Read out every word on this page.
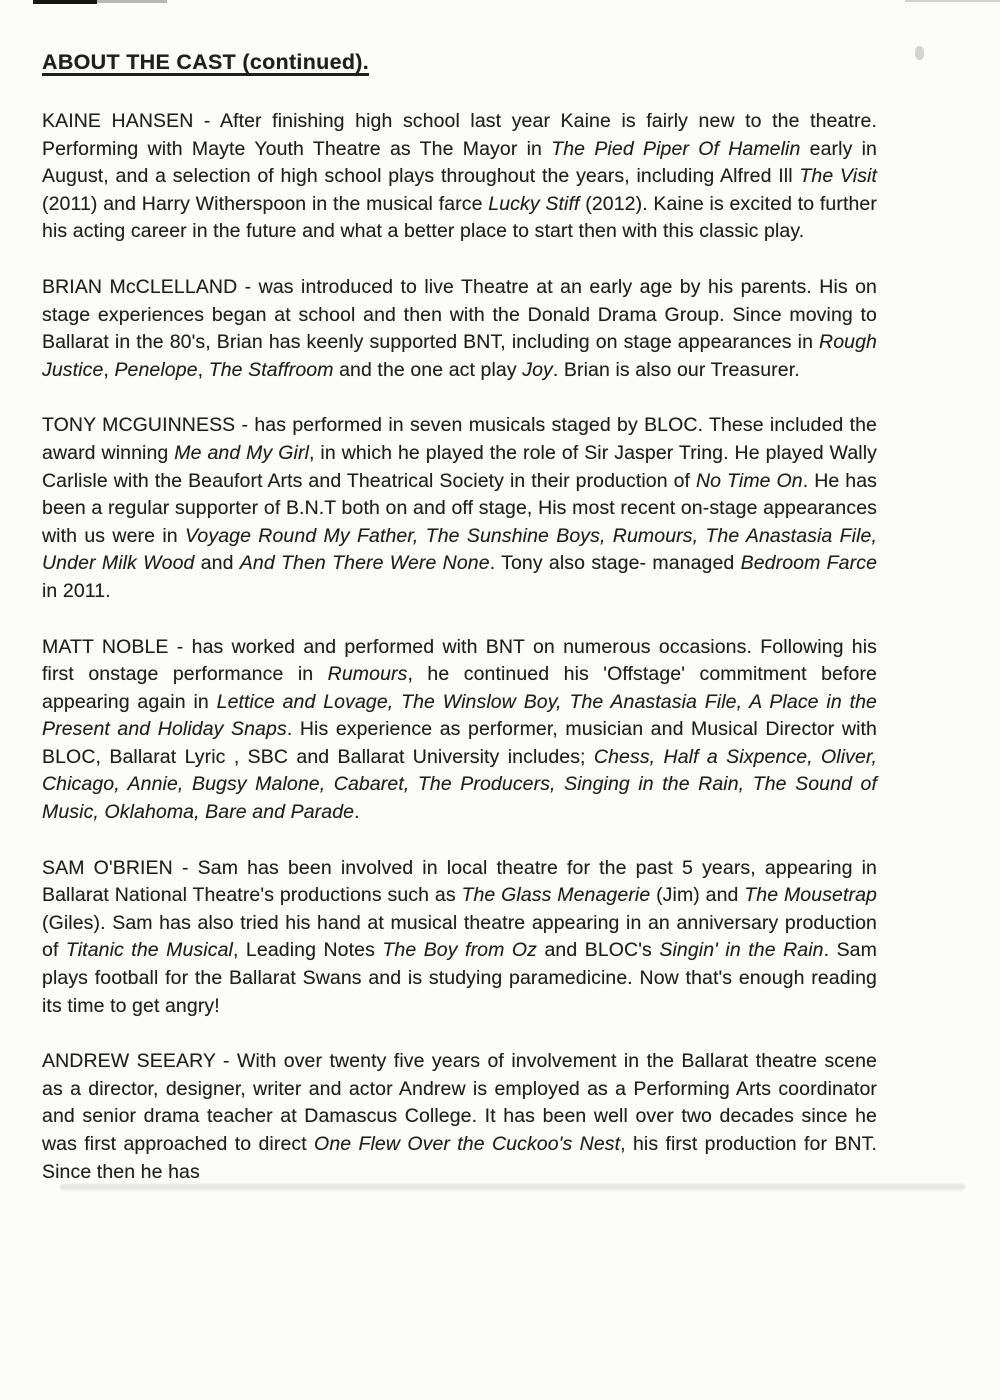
ABOUT THE CAST (continued).

KAINE HANSEN - After finishing high school last year Kaine is fairly new to the theatre. Performing with Mayte Youth Theatre as The Mayor in The Pied Piper Of Hamelin early in August, and a selection of high school plays throughout the years, including Alfred Ill The Visit (2011) and Harry Witherspoon in the musical farce Lucky Stiff (2012). Kaine is excited to further his acting career in the future and what a better place to start then with this classic play.

BRIAN McCLELLAND - was introduced to live Theatre at an early age by his parents. His on stage experiences began at school and then with the Donald Drama Group. Since moving to Ballarat in the 80's, Brian has keenly supported BNT, including on stage appearances in Rough Justice, Penelope, The Staffroom and the one act play Joy. Brian is also our Treasurer.

TONY MCGUINNESS - has performed in seven musicals staged by BLOC. These included the award winning Me and My Girl, in which he played the role of Sir Jasper Tring. He played Wally Carlisle with the Beaufort Arts and Theatrical Society in their production of No Time On. He has been a regular supporter of B.N.T both on and off stage, His most recent on-stage appearances with us were in Voyage Round My Father, The Sunshine Boys, Rumours, The Anastasia File, Under Milk Wood and And Then There Were None. Tony also stage- managed Bedroom Farce in 2011.

MATT NOBLE - has worked and performed with BNT on numerous occasions. Following his first onstage performance in Rumours, he continued his 'Offstage' commitment before appearing again in Lettice and Lovage, The Winslow Boy, The Anastasia File, A Place in the Present and Holiday Snaps. His experience as performer, musician and Musical Director with BLOC, Ballarat Lyric , SBC and Ballarat University includes; Chess, Half a Sixpence, Oliver, Chicago, Annie, Bugsy Malone, Cabaret, The Producers, Singing in the Rain, The Sound of Music, Oklahoma, Bare and Parade.

SAM O'BRIEN - Sam has been involved in local theatre for the past 5 years, appearing in Ballarat National Theatre's productions such as The Glass Menagerie (Jim) and The Mousetrap (Giles). Sam has also tried his hand at musical theatre appearing in an anniversary production of Titanic the Musical, Leading Notes The Boy from Oz and BLOC's Singin' in the Rain. Sam plays football for the Ballarat Swans and is studying paramedicine. Now that's enough reading its time to get angry!

ANDREW SEEARY - With over twenty five years of involvement in the Ballarat theatre scene as a director, designer, writer and actor Andrew is employed as a Performing Arts coordinator and senior drama teacher at Damascus College. It has been well over two decades since he was first approached to direct One Flew Over the Cuckoo's Nest, his first production for BNT. Since then he has
